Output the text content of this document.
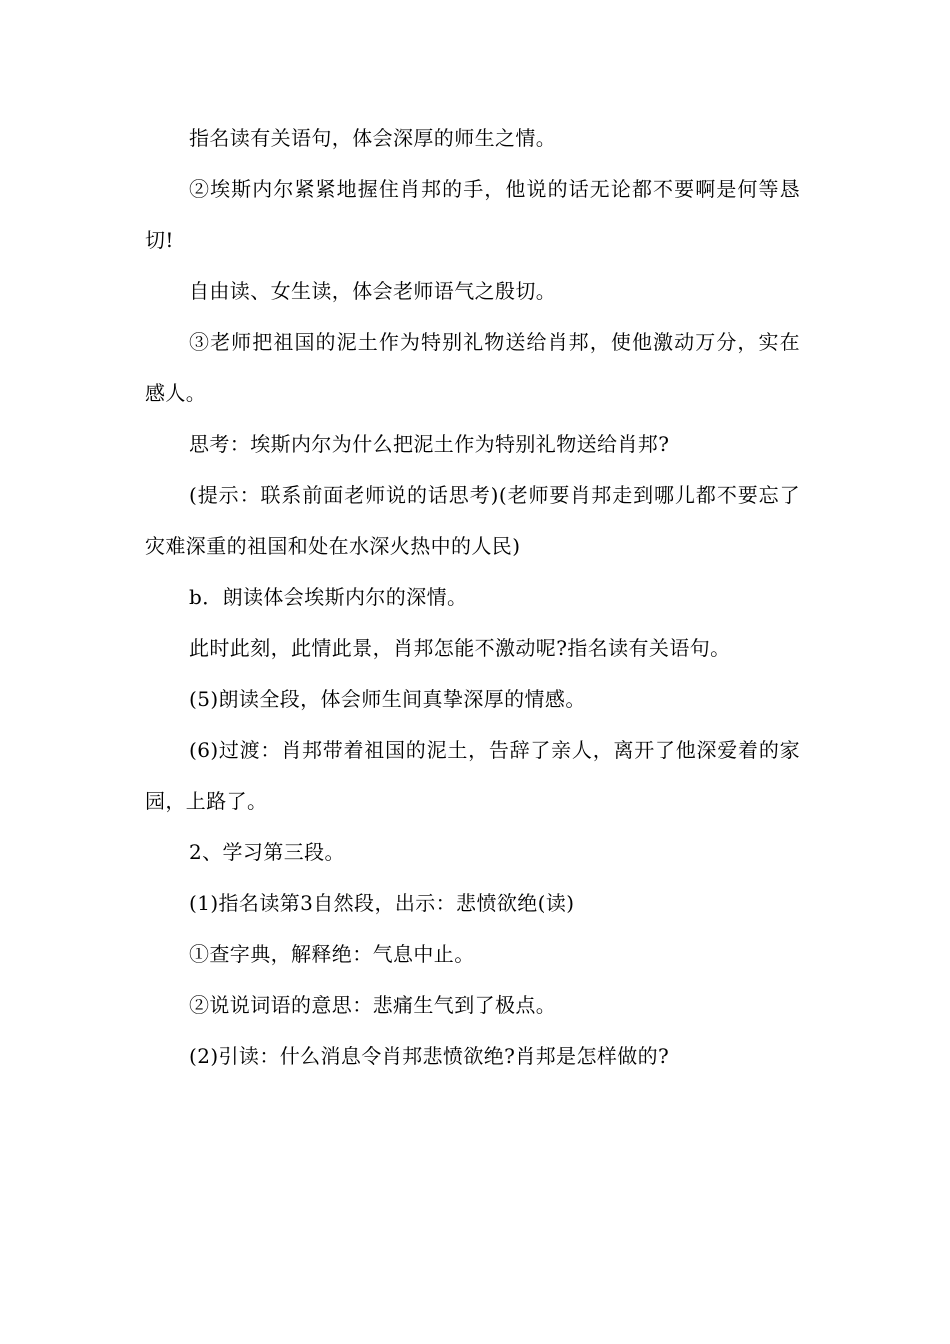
指名读有关语句，体会深厚的师生之情。

②埃斯内尔紧紧地握住肖邦的手，他说的话无论都不要啊是何等恳切!

自由读、女生读，体会老师语气之殷切。

③老师把祖国的泥土作为特别礼物送给肖邦，使他激动万分，实在感人。

思考：埃斯内尔为什么把泥土作为特别礼物送给肖邦?

(提示：联系前面老师说的话思考)(老师要肖邦走到哪儿都不要忘了灾难深重的祖国和处在水深火热中的人民)

b．朗读体会埃斯内尔的深情。

此时此刻，此情此景，肖邦怎能不激动呢?指名读有关语句。

(5)朗读全段，体会师生间真挚深厚的情感。

(6)过渡：肖邦带着祖国的泥土，告辞了亲人，离开了他深爱着的家园，上路了。

2、学习第三段。

(1)指名读第3自然段，出示：悲愤欲绝(读)

①查字典，解释绝：气息中止。

②说说词语的意思：悲痛生气到了极点。

(2)引读：什么消息令肖邦悲愤欲绝?肖邦是怎样做的?
